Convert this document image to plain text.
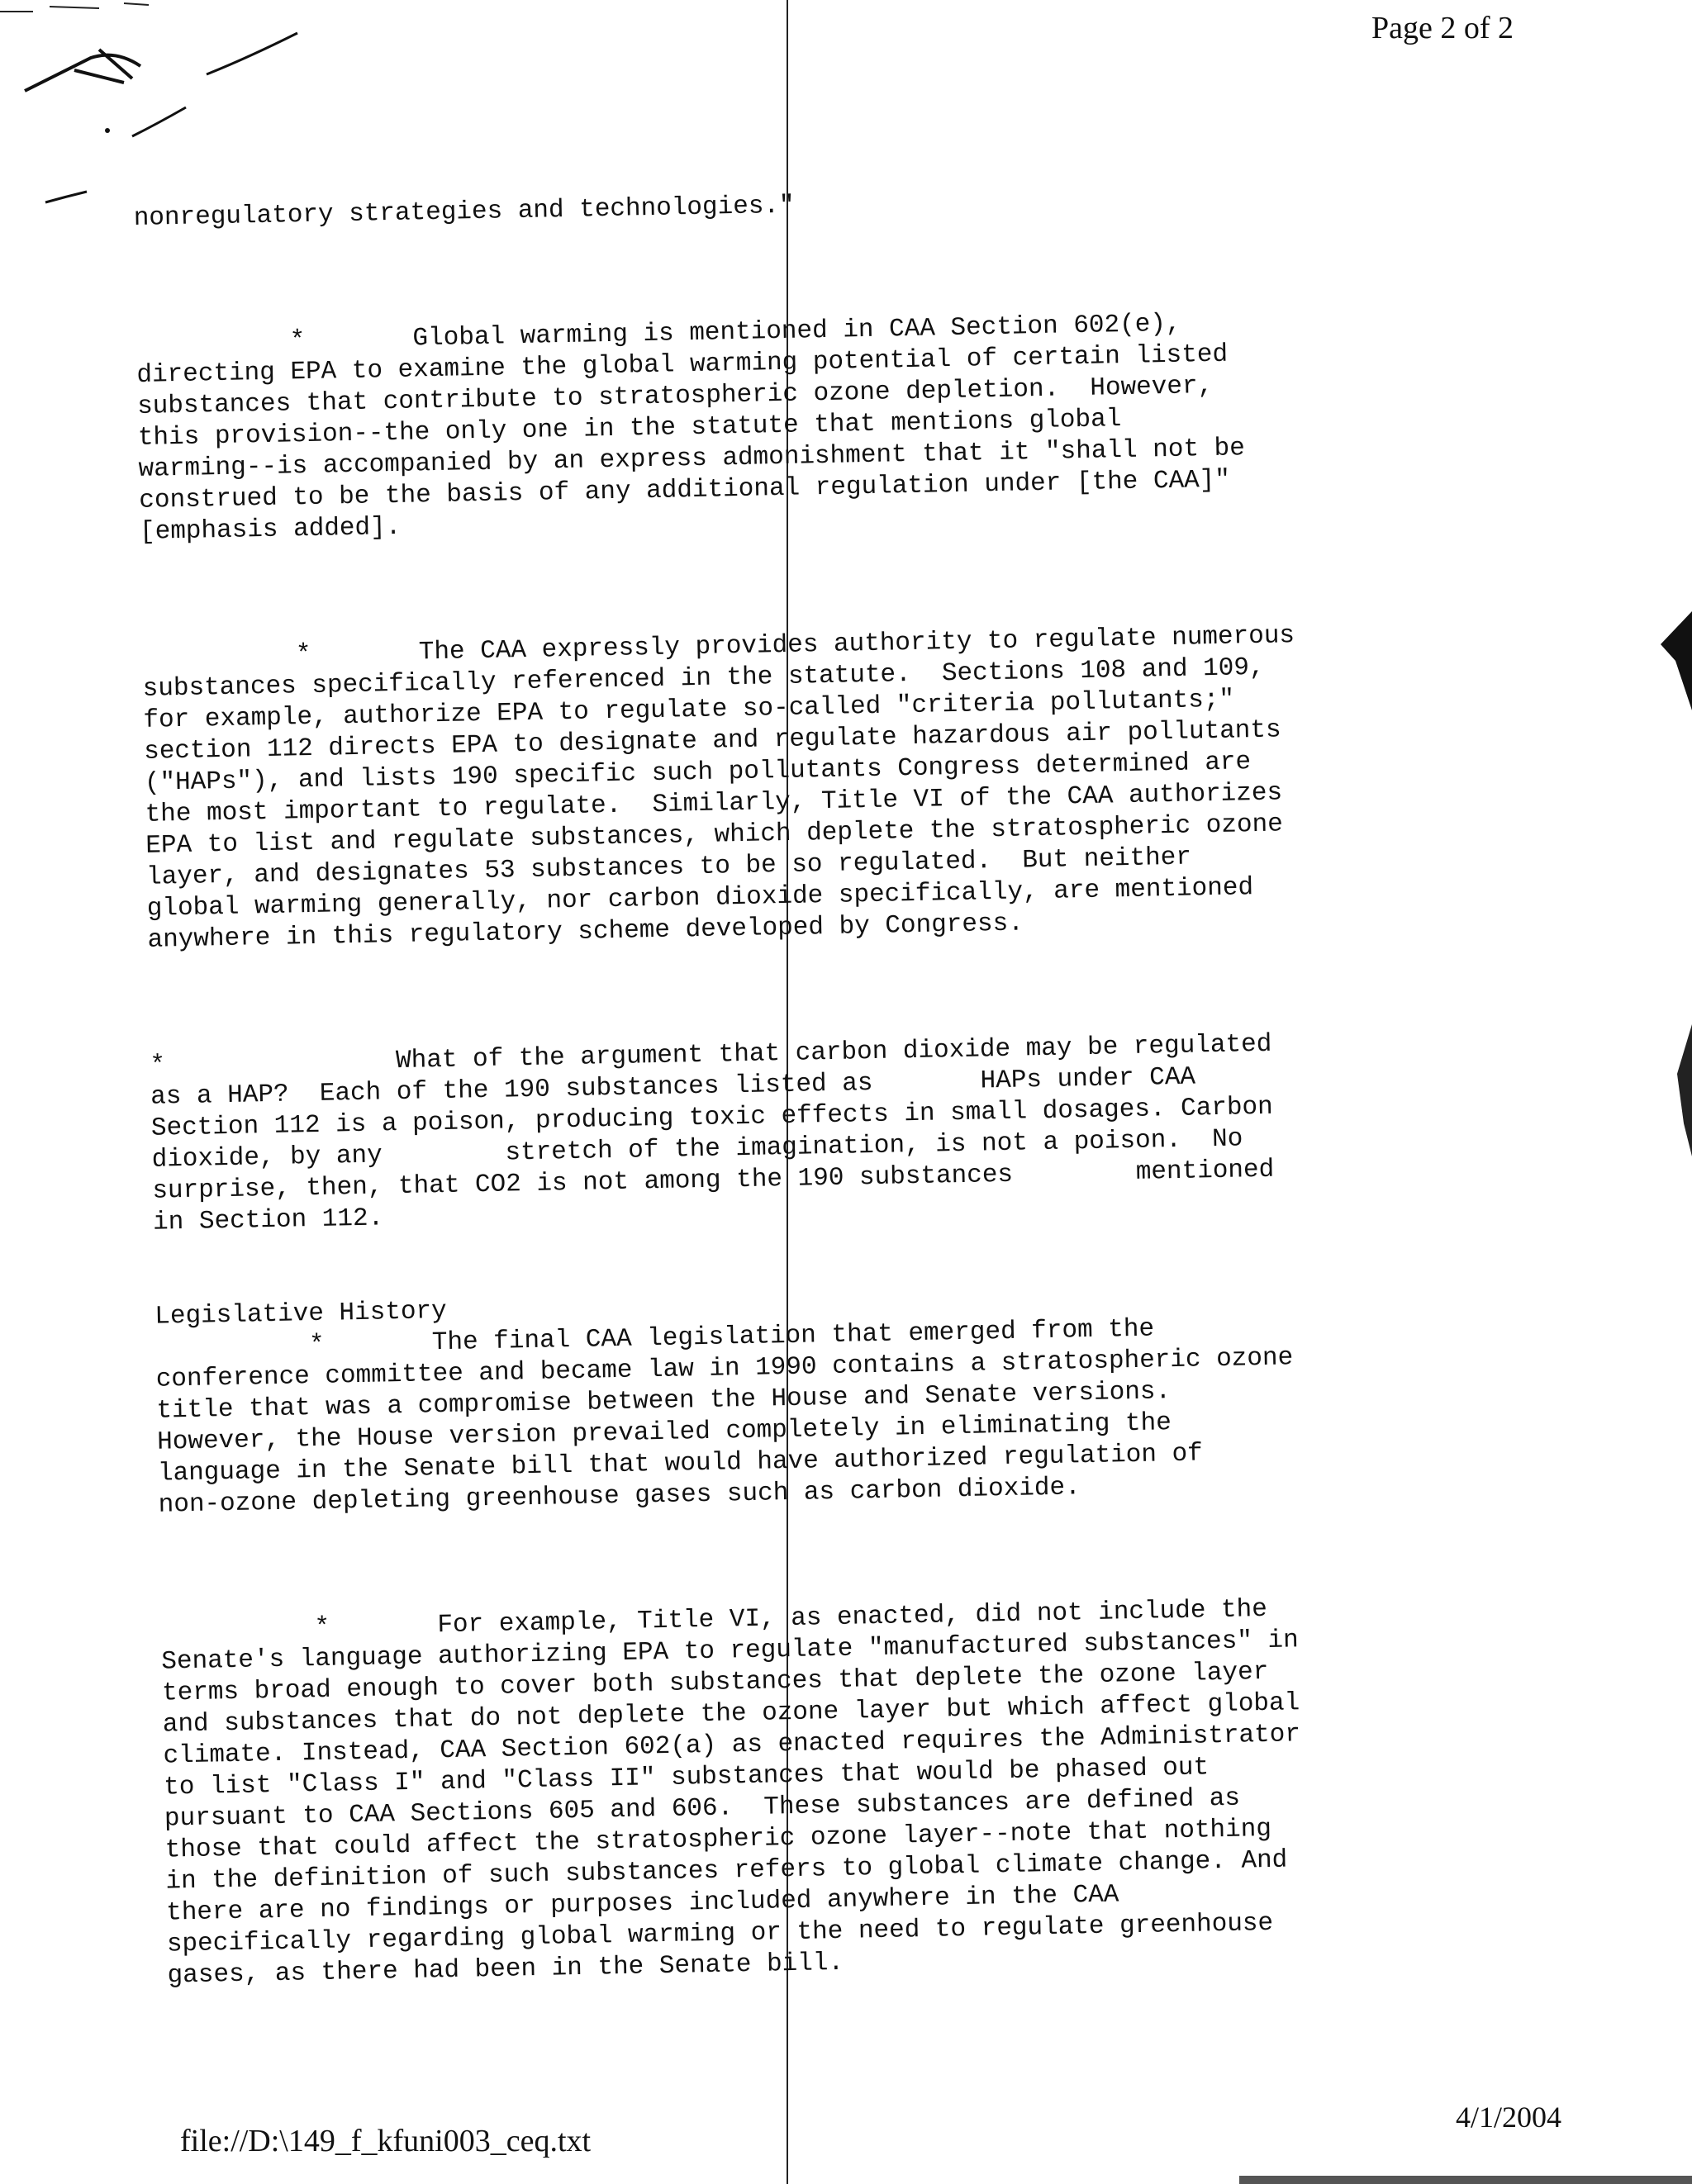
Page 2 of 2

nonregulatory strategies and technologies."

*       Global warming is mentioned in CAA Section 602(e),
directing EPA to examine the global warming potential of certain listed
substances that contribute to stratospheric ozone depletion.  However,
this provision--the only one in the statute that mentions global
warming--is accompanied by an express admonishment that it "shall not be
construed to be the basis of any additional regulation under [the CAA]"
[emphasis added].

*       The CAA expressly provides authority to regulate numerous
substances specifically referenced in the statute.  Sections 108 and 109,
for example, authorize EPA to regulate so-called "criteria pollutants;"
section 112 directs EPA to designate and regulate hazardous air pollutants
("HAPs"), and lists 190 specific such pollutants Congress determined are
the most important to regulate.  Similarly, Title VI of the CAA authorizes
EPA to list and regulate substances, which deplete the stratospheric ozone
layer, and designates 53 substances to be so regulated.  But neither
global warming generally, nor carbon dioxide specifically, are mentioned
anywhere in this regulatory scheme developed by Congress.

*               What of the argument that carbon dioxide may be regulated
as a HAP?  Each of the 190 substances listed as       HAPs under CAA
Section 112 is a poison, producing toxic effects in small dosages. Carbon
dioxide, by any        stretch of the imagination, is not a poison.  No
surprise, then, that CO2 is not among the 190 substances        mentioned
in Section 112.

Legislative History
*       The final CAA legislation that emerged from the
conference committee and became law in 1990 contains a stratospheric ozone
title that was a compromise between the House and Senate versions.
However, the House version prevailed completely in eliminating the
language in the Senate bill that would have authorized regulation of
non-ozone depleting greenhouse gases such as carbon dioxide.

*       For example, Title VI, as enacted, did not include the
Senate's language authorizing EPA to regulate "manufactured substances" in
terms broad enough to cover both substances that deplete the ozone layer
and substances that do not deplete the ozone layer but which affect global
climate. Instead, CAA Section 602(a) as enacted requires the Administrator
to list "Class I" and "Class II" substances that would be phased out
pursuant to CAA Sections 605 and 606.  These substances are defined as
those that could affect the stratospheric ozone layer--note that nothing
in the definition of such substances refers to global climate change. And
there are no findings or purposes included anywhere in the CAA
specifically regarding global warming or the need to regulate greenhouse
gases, as there had been in the Senate bill.

file://D:\149_f_kfuni003_ceq.txt
4/1/2004
